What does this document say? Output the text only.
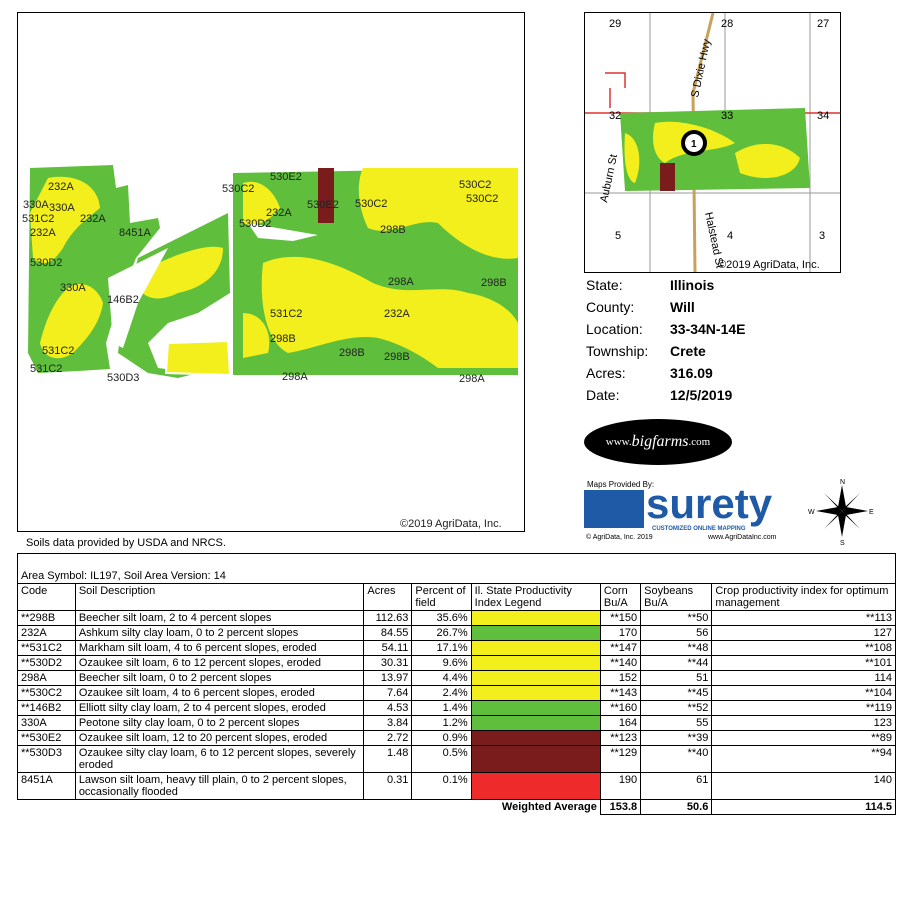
232A
330A 330A
531C2 232A
232A	8451A
530C2
530E2
530E2 530C2
530C2
530C2
232A
530D2
530D2
330A
146B2
298B
298A	298B
531C2	232A
298B
298B 298B
531C2
531C2
530D3	298A	298A
©2019 AgriData, Inc.
Soils data provided by USDA and NRCS.
29	28	27
32	33	34
5	4	3
S Dixie Hwy
Auburn St
Halstead St
1
©2019 AgriData, Inc.
State:	Illinois
County:	Will
Location: 33-34N-14E
Township: Crete
Acres:	316.09
Date:	12/5/2019
www. bigfarms .com
Maps Provided By:
surety
CUSTOMIZED ONLINE MAPPING
© AgriData, Inc. 2019	www.AgriDataInc.com
N
S
E
W
Area Symbol: IL197, Soil Area Version: 14							
Code	Soil Description	Acres	Percent of field	Il. State Productivity Index Legend	Corn Bu/A	Soybeans Bu/A	Crop productivity index for optimum management
**298B	Beecher silt loam, 2 to 4 percent slopes	112.63	35.6%		**150	**50	**113
232A	Ashkum silty clay loam, 0 to 2 percent slopes	84.55	26.7%		170	56	127
**531C2	Markham silt loam, 4 to 6 percent slopes, eroded	54.11	17.1%		**147	**48	**108
**530D2	Ozaukee silt loam, 6 to 12 percent slopes, eroded	30.31	9.6%		**140	**44	**101
298A	Beecher silt loam, 0 to 2 percent slopes	13.97	4.4%		152	51	114
**530C2	Ozaukee silt loam, 4 to 6 percent slopes, eroded	7.64	2.4%		**143	**45	**104
**146B2	Elliott silty clay loam, 2 to 4 percent slopes, eroded	4.53	1.4%		**160	**52	**119
330A	Peotone silty clay loam, 0 to 2 percent slopes	3.84	1.2%		164	55	123
**530E2	Ozaukee silt loam, 12 to 20 percent slopes, eroded	2.72	0.9%		**123	**39	**89
**530D3	Ozaukee silty clay loam, 6 to 12 percent slopes, severely eroded	1.48	0.5%		**129	**40	**94
8451A	Lawson silt loam, heavy till plain, 0 to 2 percent slopes, occasionally flooded	0.31	0.1%		190	61	140
Weighted Average					153.8	50.6	114.5
